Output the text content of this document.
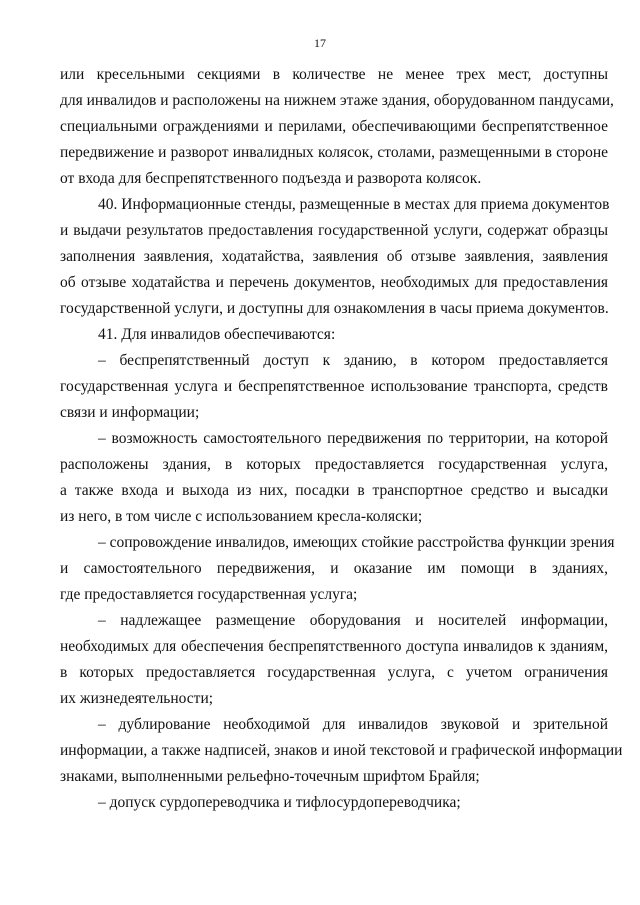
17
или кресельными секциями в количестве не менее трех мест, доступны
для инвалидов и расположены на нижнем этаже здания, оборудованном пандусами,
специальными ограждениями и перилами, обеспечивающими беспрепятственное
передвижение и разворот инвалидных колясок, столами, размещенными в стороне
от входа для беспрепятственного подъезда и разворота колясок.
40. Информационные стенды, размещенные в местах для приема документов
и выдачи результатов предоставления государственной услуги, содержат образцы
заполнения заявления, ходатайства, заявления об отзыве заявления, заявления
об отзыве ходатайства и перечень документов, необходимых для предоставления
государственной услуги, и доступны для ознакомления в часы приема документов.
41. Для инвалидов обеспечиваются:
– беспрепятственный доступ к зданию, в котором предоставляется
государственная услуга и беспрепятственное использование транспорта, средств
связи и информации;
– возможность самостоятельного передвижения по территории, на которой
расположены здания, в которых предоставляется государственная услуга,
а также входа и выхода из них, посадки в транспортное средство и высадки
из него, в том числе с использованием кресла-коляски;
– сопровождение инвалидов, имеющих стойкие расстройства функции зрения
и самостоятельного передвижения, и оказание им помощи в зданиях,
где предоставляется государственная услуга;
– надлежащее размещение оборудования и носителей информации,
необходимых для обеспечения беспрепятственного доступа инвалидов к зданиям,
в которых предоставляется государственная услуга, с учетом ограничения
их жизнедеятельности;
– дублирование необходимой для инвалидов звуковой и зрительной
информации, а также надписей, знаков и иной текстовой и графической информации
знаками, выполненными рельефно-точечным шрифтом Брайля;
– допуск сурдопереводчика и тифлосурдопереводчика;
